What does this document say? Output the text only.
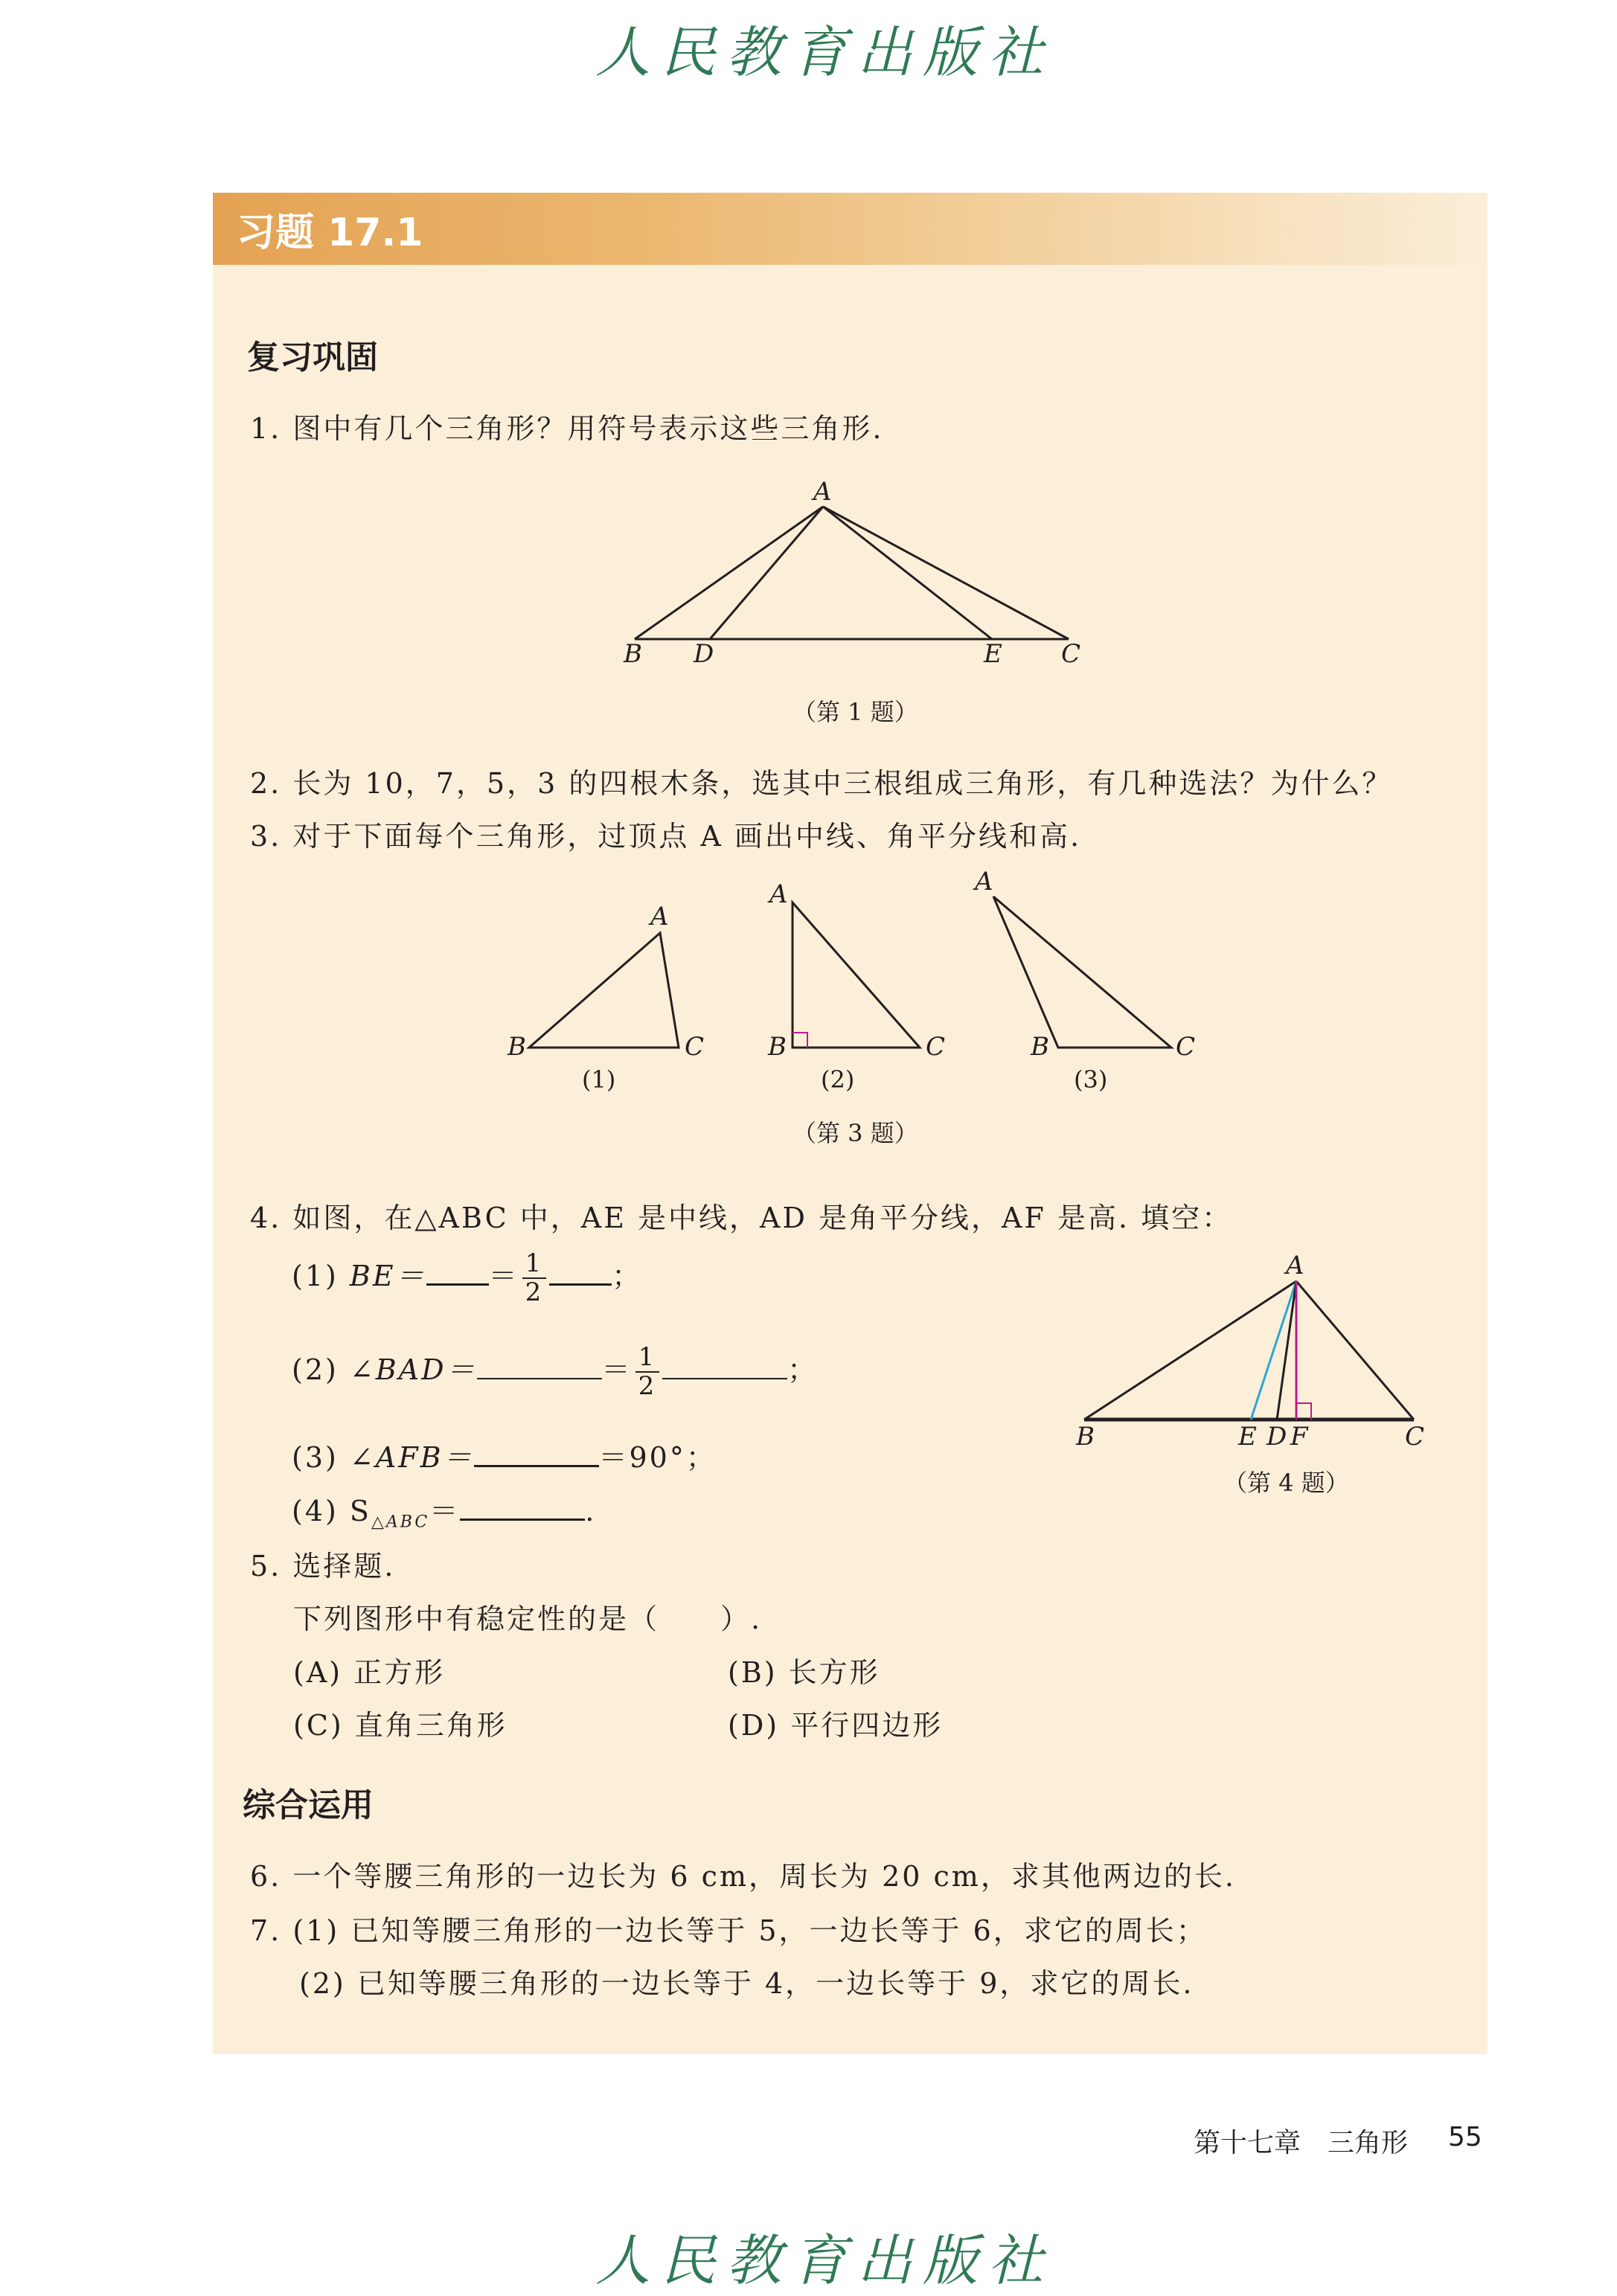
人民教育出版社
习题 17.1
复习巩固
1. 图中有几个三角形？用符号表示这些三角形.
A
B D	E C
A
B	C
A
B	C
A
B	C
A
B	E D F	C
（第 1 题）
2. 长为 10，7，5，3 的四根木条，选其中三根组成三角形，有几种选法？为什么？
3. 对于下面每个三角形，过顶点 A 画出中线、角平分线和高.
(1)	(2)	(3)
（第 3 题）
4. 如图，在△ABC 中，AE 是中线，AD 是角平分线，AF 是高. 填空：
(1) $BE= = \frac{1}{2}$ ；
(2) ∠BAD＝	＝ $\frac{1}{2}$	；
(3) ∠AFB＝	＝90°；
(4) $S_{\triangle ABC}=$	.
（第 4 题）
5. 选择题.
下列图形中有稳定性的是（　　）.
(A) 正方形	(B) 长方形
(C) 直角三角形	(D) 平行四边形
综合运用
6. 一个等腰三角形的一边长为 6 cm，周长为 20 cm，求其他两边的长.
7. (1) 已知等腰三角形的一边长等于 5，一边长等于 6，求它的周长；
(2) 已知等腰三角形的一边长等于 4，一边长等于 9，求它的周长.
第十七章　三角形 55
人民教育出版社
